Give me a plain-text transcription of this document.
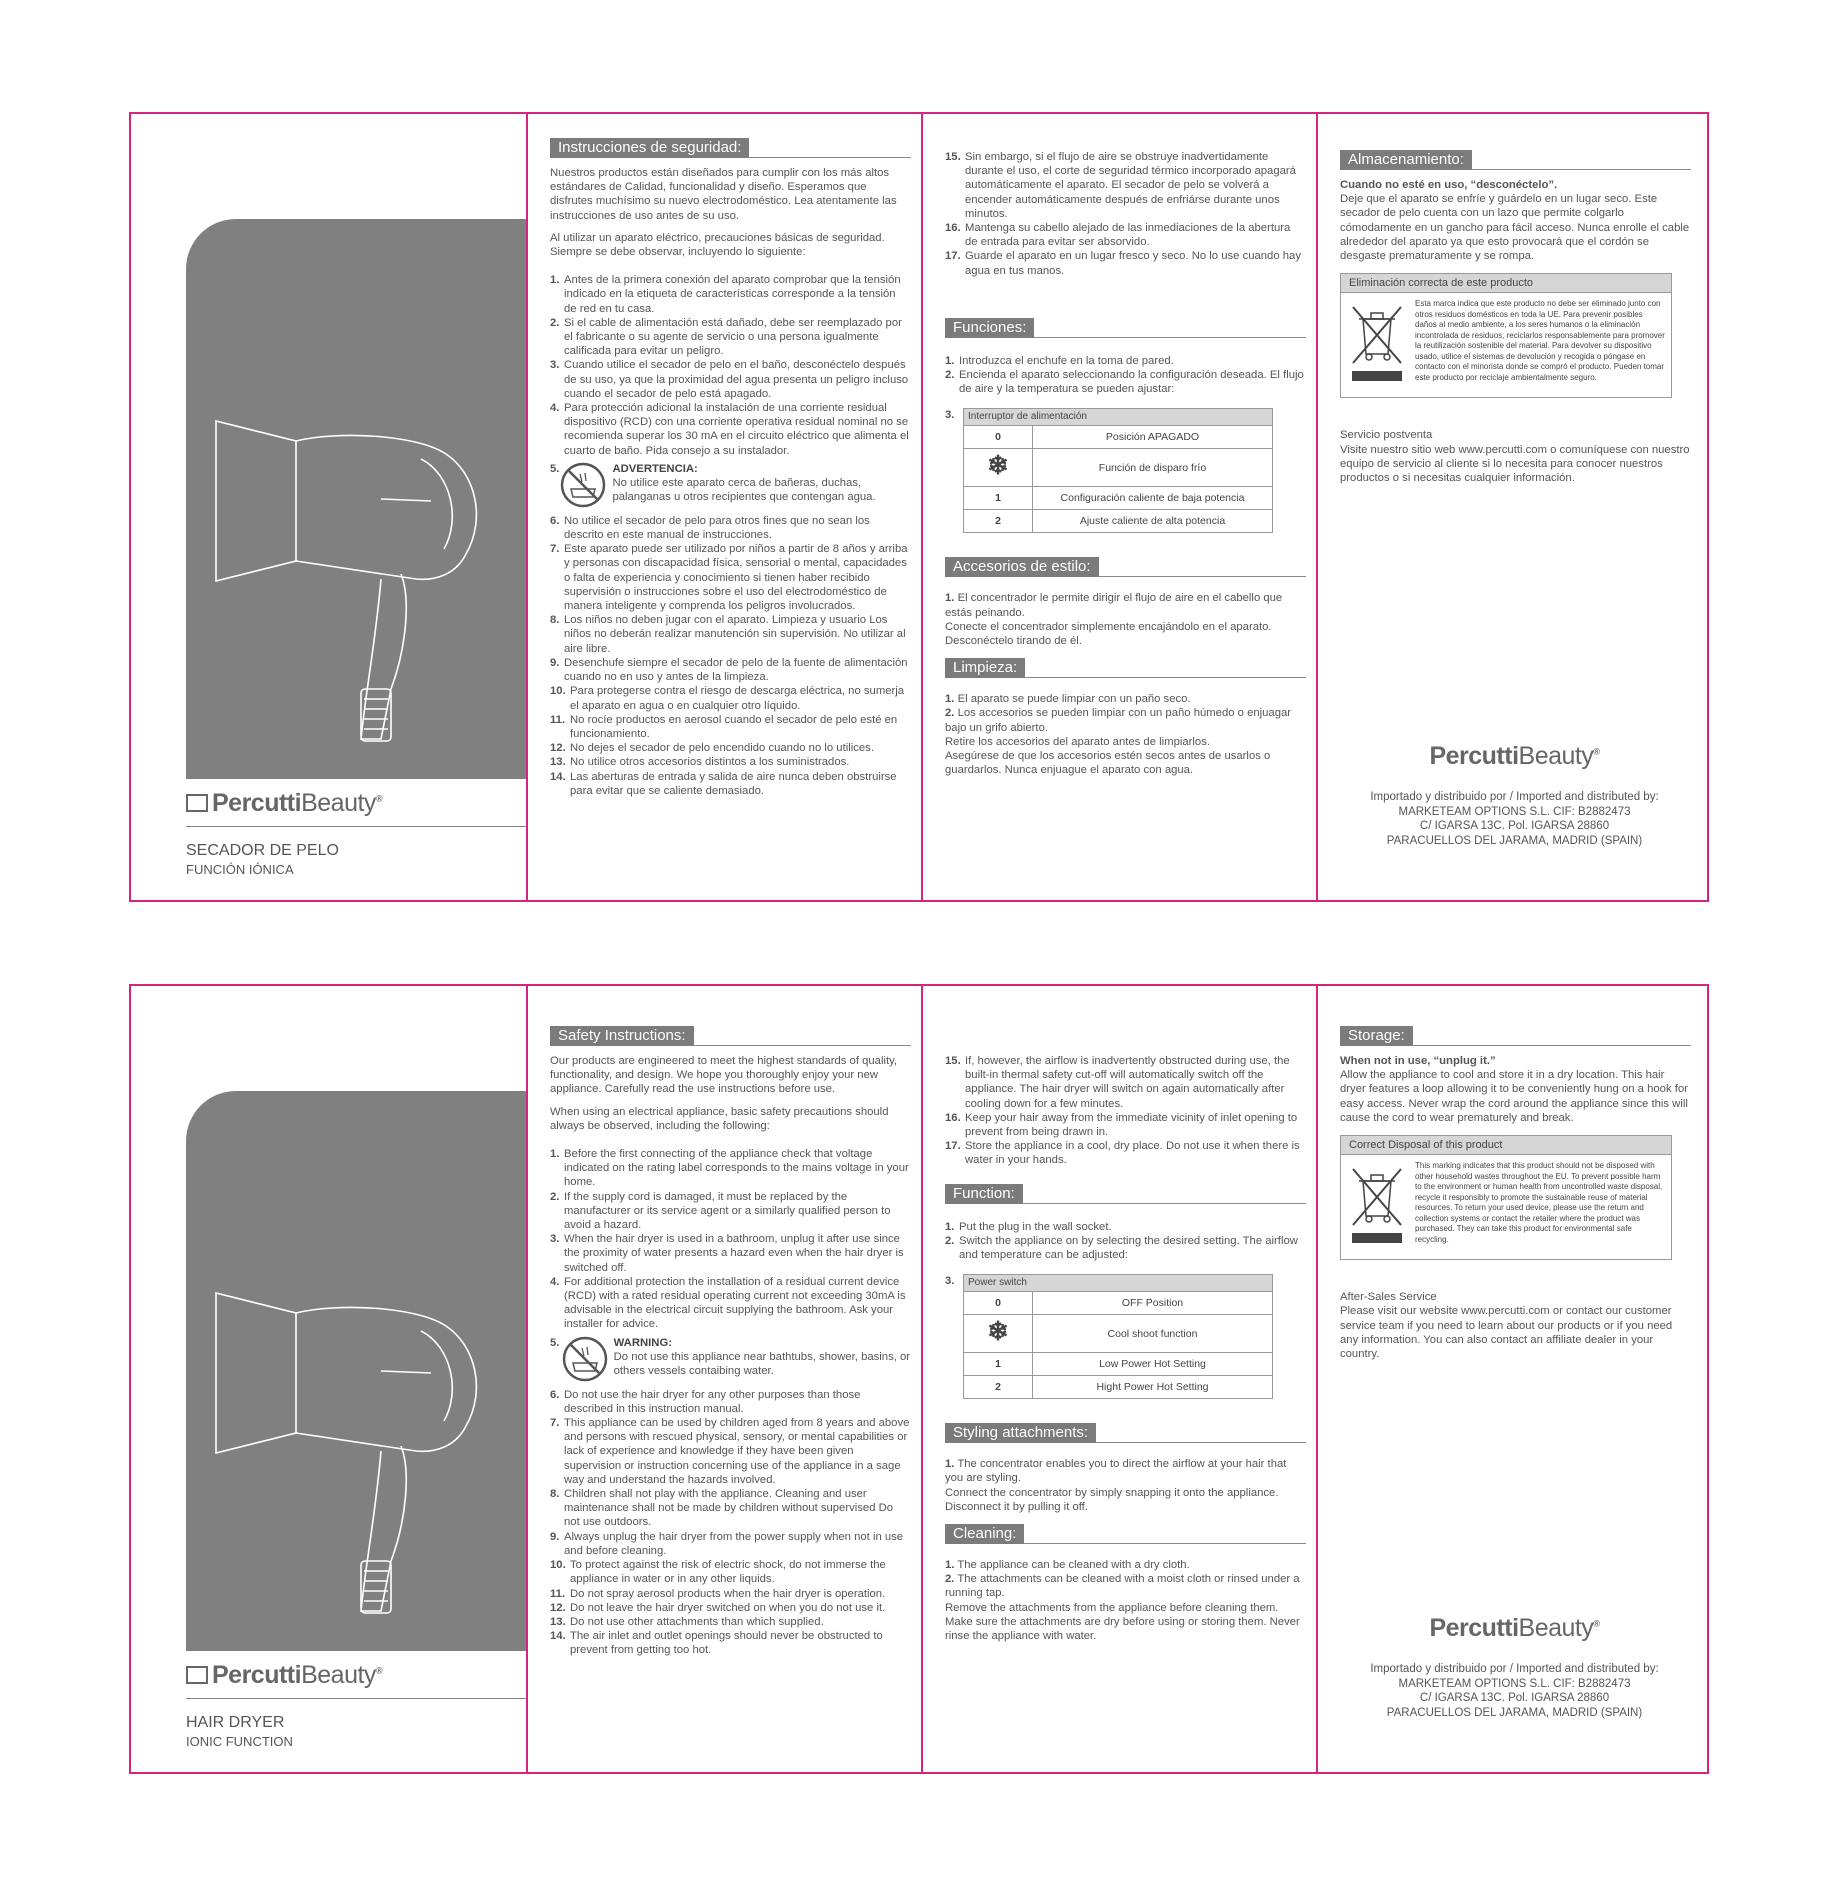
PercuttiBeauty®
SECADOR DE PELO
FUNCIÓN IÓNICA
Instrucciones de seguridad:

Nuestros productos están diseñados para cumplir con los más altos estándares de Calidad, funcionalidad y diseño. Esperamos que disfrutes muchísimo su nuevo electrodoméstico. Lea atentamente las instrucciones de uso antes de su uso.

Al utilizar un aparato eléctrico, precauciones básicas de seguridad. Siempre se debe observar, incluyendo lo siguiente:

1. Antes de la primera conexión del aparato comprobar que la tensión indicado en la etiqueta de características corresponde a la tensión de red en tu casa.
2. Si el cable de alimentación está dañado, debe ser reemplazado por el fabricante o su agente de servicio o una persona igualmente calificada para evitar un peligro.
3. Cuando utilice el secador de pelo en el baño, desconéctelo después de su uso, ya que la proximidad del agua presenta un peligro incluso cuando el secador de pelo está apagado.
4. Para protección adicional la instalación de una corriente residual dispositivo (RCD) con una corriente operativa residual nominal no se recomienda superar los 30 mA en el circuito eléctrico que alimenta el cuarto de baño. Pida consejo a su instalador.
5.	ADVERTENCIA:
No utilice este aparato cerca de bañeras, duchas, palanganas u otros recipientes que contengan agua.
6. No utilice el secador de pelo para otros fines que no sean los descrito en este manual de instrucciones.
7. Este aparato puede ser utilizado por niños a partir de 8 años y arriba y personas con discapacidad física, sensorial o mental, capacidades o falta de experiencia y conocimiento si tienen haber recibido supervisión o instrucciones sobre el uso del electrodoméstico de manera inteligente y comprenda los peligros involucrados.
8. Los niños no deben jugar con el aparato. Limpieza y usuario Los niños no deberán realizar manutención sin supervisión. No utilizar al aire libre.
9. Desenchufe siempre el secador de pelo de la fuente de alimentación cuando no en uso y antes de la limpieza.
10. Para protegerse contra el riesgo de descarga eléctrica, no sumerja el aparato en agua o en cualquier otro líquido.
11. No rocíe productos en aerosol cuando el secador de pelo esté en funcionamiento.
12. No dejes el secador de pelo encendido cuando no lo utilices.
13. No utilice otros accesorios distintos a los suministrados.
14. Las aberturas de entrada y salida de aire nunca deben obstruirse para evitar que se caliente demasiado.
15. Sin embargo, si el flujo de aire se obstruye inadvertidamente durante el uso, el corte de seguridad térmico incorporado apagará automáticamente el aparato. El secador de pelo se volverá a encender automáticamente después de enfriárse durante unos minutos.
16. Mantenga su cabello alejado de las inmediaciones de la abertura de entrada para evitar ser absorvido.
17. Guarde el aparato en un lugar fresco y seco. No lo use cuando hay agua en tus manos.
Funciones:
1. Introduzca el enchufe en la toma de pared.
2. Encienda el aparato seleccionando la configuración deseada. El flujo de aire y la temperatura se pueden ajustar:
3.	Interruptor de alimentación	
0	Posición APAGADO
❄	Función de disparo frío
1	Configuración caliente de baja potencia
2	Ajuste caliente de alta potencia
Accesorios de estilo:

1. El concentrador le permite dirigir el flujo de aire en el cabello que estás peinando.
Conecte el concentrador simplemente encajándolo en el aparato.
Desconéctelo tirando de él.

Limpieza:

1. El aparato se puede limpiar con un paño seco.
2. Los accesorios se pueden limpiar con un paño húmedo o enjuagar bajo un grifo abierto.
Retire los accesorios del aparato antes de limpiarlos.
Asegúrese de que los accesorios estén secos antes de usarlos o guardarlos. Nunca enjuague el aparato con agua.

Almacenamiento:
Cuando no esté en uso, “desconéctelo”.

Deje que el aparato se enfríe y guárdelo en un lugar seco. Este secador de pelo cuenta con un lazo que permite colgarlo cómodamente en un gancho para fácil acceso. Nunca enrolle el cable alrededor del aparato ya que esto provocará que el cordón se desgaste prematuramente y se rompa.

Eliminación correcta de este producto
Esta marca indica que este producto no debe ser eliminado junto con otros residuos domésticos en toda la UE. Para prevenir posibles daños al medio ambiente, a los seres humanos o la eliminación incontrolada de residuos, reciclarlos responsablemente para promover la reutilización sostenible del material. Para devolver su dispositivo usado, utilice el sistemas de devolución y recogida o póngase en contacto con el minorista donde se compró el producto. Pueden tomar este producto por reciclaje ambientalmente seguro.
Servicio postventa
Visite nuestro sitio web www.percutti.com o comuníquese con nuestro equipo de servicio al cliente si lo necesita para conocer nuestros productos o si necesitas cualquier información.
PercuttiBeauty®
Importado y distribuido por / Imported and distributed by:
MARKETEAM OPTIONS S.L. CIF: B2882473
C/ IGARSA 13C. Pol. IGARSA 28860
PARACUELLOS DEL JARAMA, MADRID (SPAIN)
PercuttiBeauty®
HAIR DRYER
IONIC FUNCTION
Safety Instructions:

Our products are engineered to meet the highest standards of quality, functionality, and design. We hope you thoroughly enjoy your new appliance. Carefully read the use instructions before use.

When using an electrical appliance, basic safety precautions should always be observed, including the following:

1. Before the first connecting of the appliance check that voltage indicated on the rating label corresponds to the mains voltage in your home.
2. If the supply cord is damaged, it must be replaced by the manufacturer or its service agent or a similarly qualified person to avoid a hazard.
3. When the hair dryer is used in a bathroom, unplug it after use since the proximity of water presents a hazard even when the hair dryer is switched off.
4. For additional protection the installation of a residual current device (RCD) with a rated residual operating current not exceeding 30mA is advisable in the electrical circuit supplying the bathroom. Ask your installer for advice.
5.	WARNING:
Do not use this appliance near bathtubs, shower, basins, or others vessels contaibing water.
6. Do not use the hair dryer for any other purposes than those described in this instruction manual.
7. This appliance can be used by children aged from 8 years and above and persons with rescued physical, sensory, or mental capabilities or lack of experience and knowledge if they have been given supervision or instruction concerning use of the appliance in a sage way and understand the hazards involved.
8. Children shall not play with the appliance. Cleaning and user maintenance shall not be made by children without supervised Do not use outdoors.
9. Always unplug the hair dryer from the power supply when not in use and before cleaning.
10. To protect against the risk of electric shock, do not immerse the appliance in water or in any other liquids.
11. Do not spray aerosol products when the hair dryer is operation.
12. Do not leave the hair dryer switched on when you do not use it.
13. Do not use other attachments than which supplied.
14. The air inlet and outlet openings should never be obstructed to prevent from getting too hot.
15. If, however, the airflow is inadvertently obstructed during use, the built-in thermal safety cut-off will automatically switch off the appliance. The hair dryer will switch on again automatically after cooling down for a few minutes.
16. Keep your hair away from the immediate vicinity of inlet opening to prevent from being drawn in.
17. Store the appliance in a cool, dry place. Do not use it when there is water in your hands.
Function:
1. Put the plug in the wall socket.
2. Switch the appliance on by selecting the desired setting. The airflow and temperature can be adjusted:
3.	Power switch	
0	OFF Position
❄	Cool shoot function
1	Low Power Hot Setting
2	Hight Power Hot Setting
Styling attachments:

1. The concentrator enables you to direct the airflow at your hair that you are styling.
Connect the concentrator by simply snapping it onto the appliance.
Disconnect it by pulling it off.

Cleaning:

1. The appliance can be cleaned with a dry cloth.
2. The attachments can be cleaned with a moist cloth or rinsed under a running tap.
Remove the attachments from the appliance before cleaning them.
Make sure the attachments are dry before using or storing them. Never rinse the appliance with water.

Storage:
When not in use, “unplug it.”

Allow the appliance to cool and store it in a dry location. This hair dryer features a loop allowing it to be conveniently hung on a hook for easy access. Never wrap the cord around the appliance since this will cause the cord to wear prematurely and break.

Correct Disposal of this product
This marking indicates that this product should not be disposed with other household wastes throughout the EU. To prevent possible harm to the environment or human health from uncontrolled waste disposal, recycle it responsibly to promote the sustainable reuse of material resources. To return your used device, please use the return and collection systems or contact the retailer where the product was purchased. They can take this product for environmental safe recycling.
After-Sales Service
Please visit our website www.percutti.com or contact our customer service team if you need to learn about our products or if you need any information. You can also contact an affiliate dealer in your country.
PercuttiBeauty®
Importado y distribuido por / Imported and distributed by:
MARKETEAM OPTIONS S.L. CIF: B2882473
C/ IGARSA 13C. Pol. IGARSA 28860
PARACUELLOS DEL JARAMA, MADRID (SPAIN)
